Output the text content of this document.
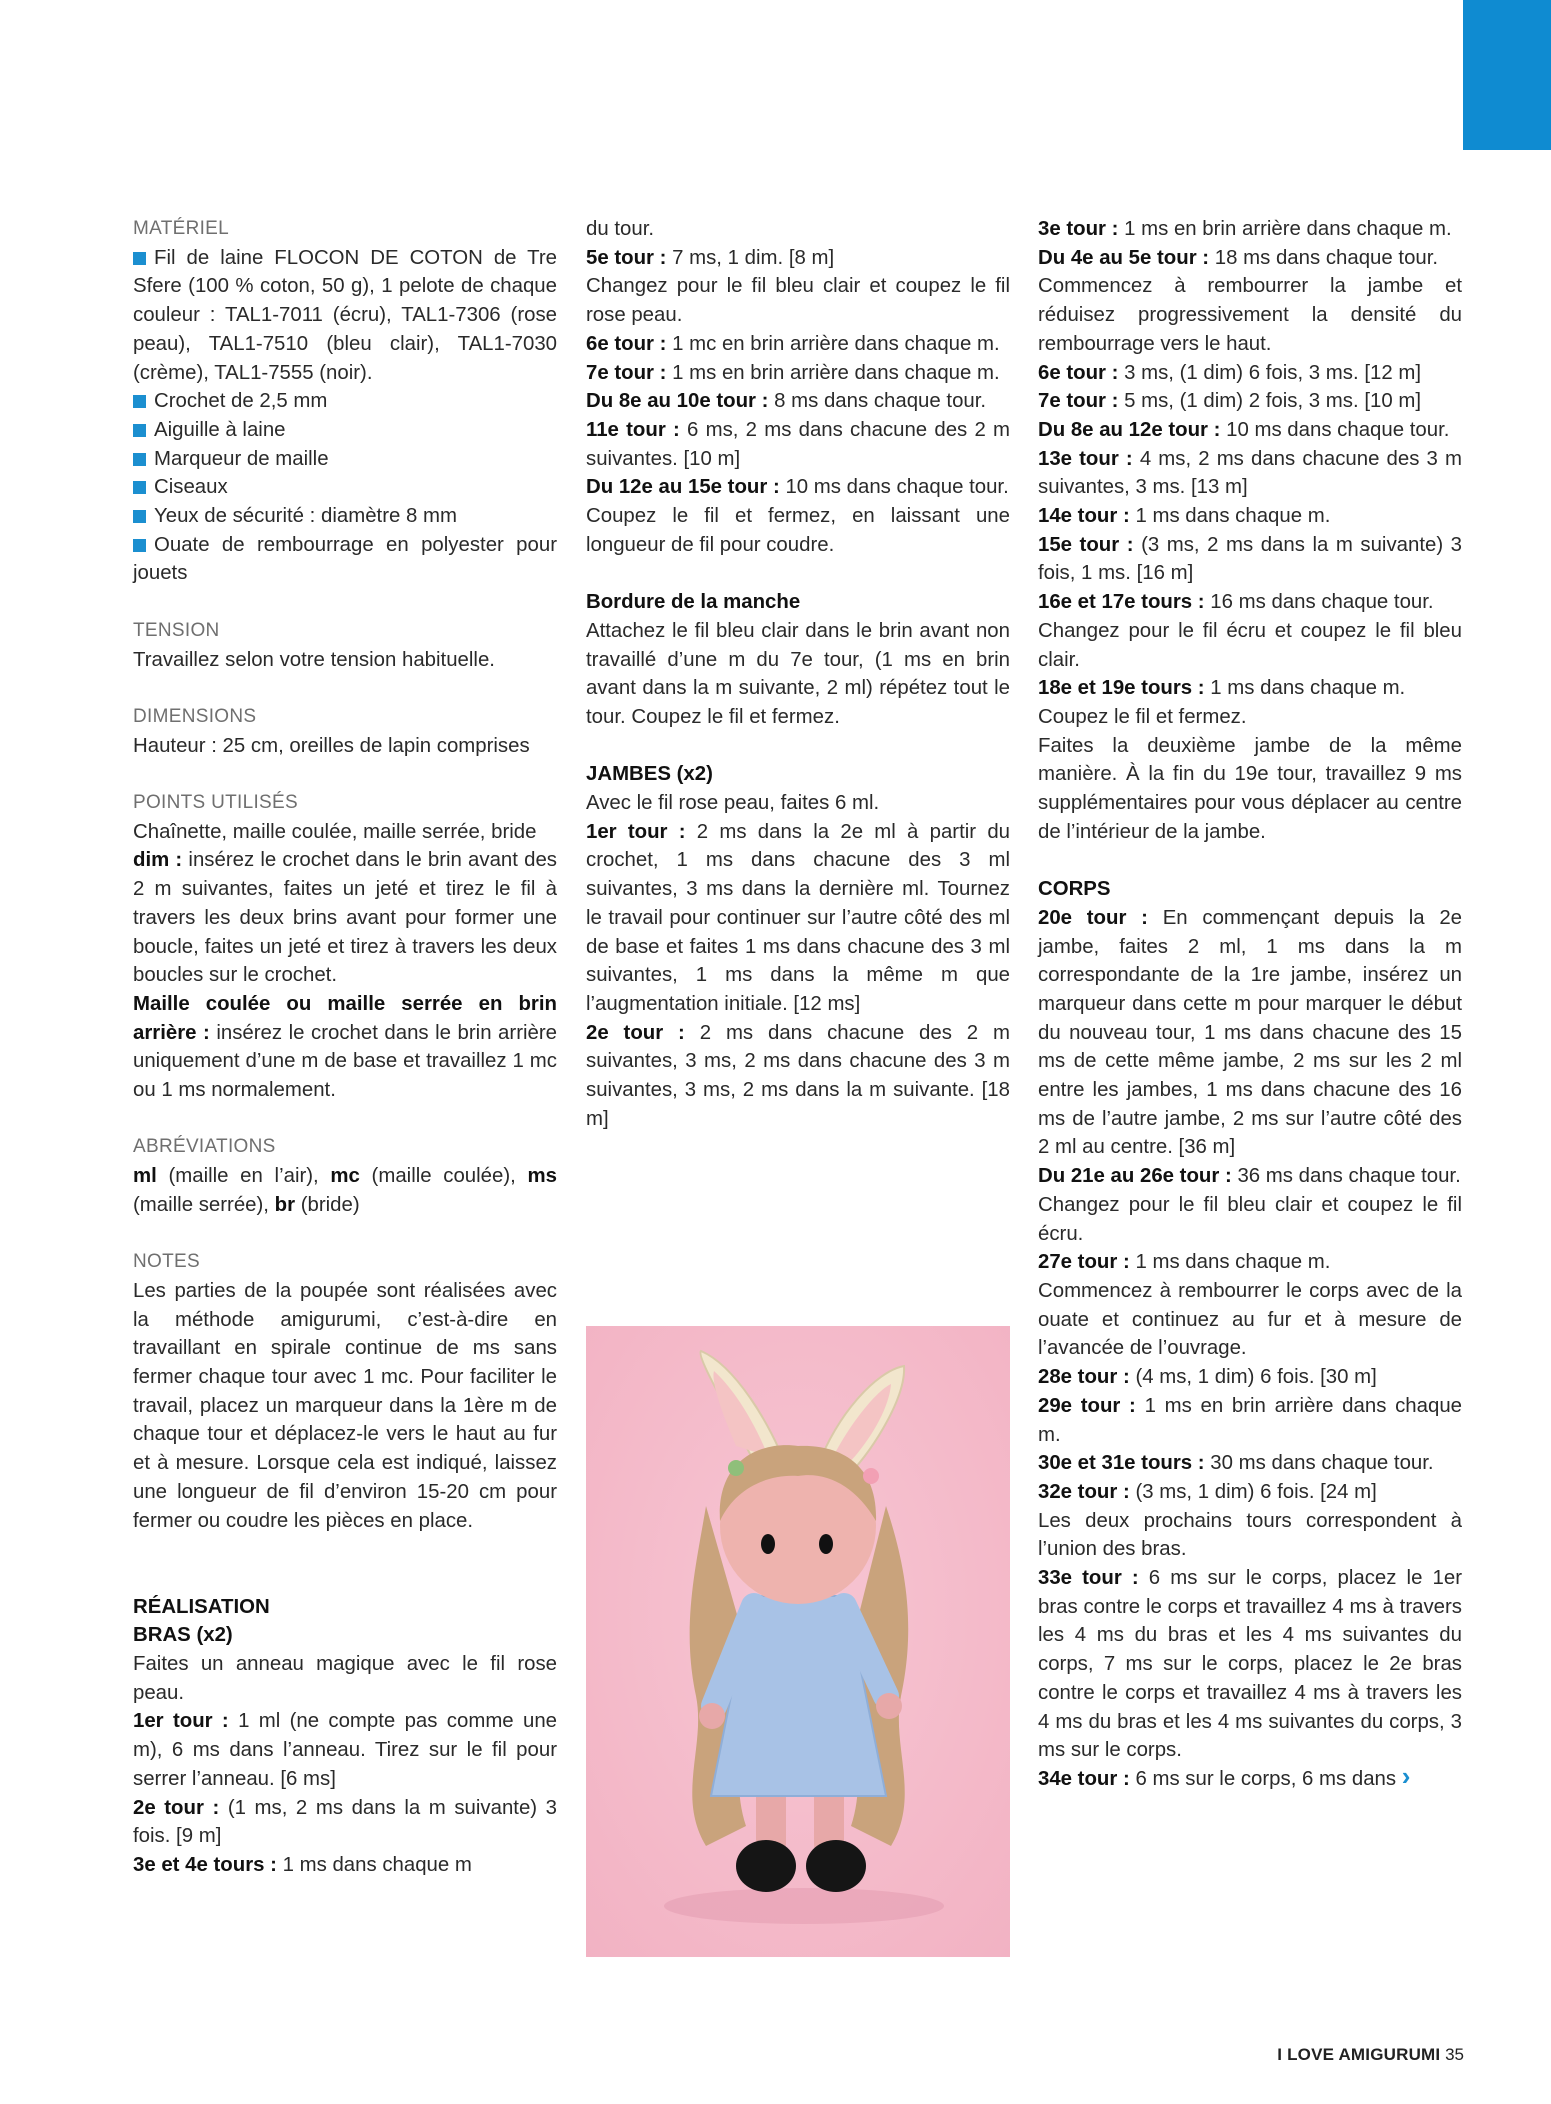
MATÉRIEL

Fil de laine FLOCON DE COTON de Tre Sfere (100 % coton, 50 g), 1 pelote de chaque couleur : TAL1-7011 (écru), TAL1-7306 (rose peau), TAL1-7510 (bleu clair), TAL1-7030 (crème), TAL1-7555 (noir).

Crochet de 2,5 mm

Aiguille à laine

Marqueur de maille

Ciseaux

Yeux de sécurité : diamètre 8 mm

Ouate de rembourrage en polyester pour jouets

TENSION

Travaillez selon votre tension habituelle.

DIMENSIONS

Hauteur : 25 cm, oreilles de lapin comprises

POINTS UTILISÉS

Chaînette, maille coulée, maille serrée, bride

dim : insérez le crochet dans le brin avant des 2 m suivantes, faites un jeté et tirez le fil à travers les deux brins avant pour former une boucle, faites un jeté et tirez à travers les deux boucles sur le crochet.

Maille coulée ou maille serrée en brin arrière : insérez le crochet dans le brin arrière uniquement d’une m de base et travaillez 1 mc ou 1 ms normalement.

ABRÉVIATIONS

ml (maille en l’air), mc (maille coulée), ms (maille serrée), br (bride)

NOTES

Les parties de la poupée sont réalisées avec la méthode amigurumi, c’est-à-dire en travaillant en spirale continue de ms sans fermer chaque tour avec 1 mc. Pour faciliter le travail, placez un marqueur dans la 1ère m de chaque tour et déplacez-le vers le haut au fur et à mesure. Lorsque cela est indiqué, laissez une longueur de fil d’environ 15-20 cm pour fermer ou coudre les pièces en place.

RÉALISATION

BRAS (x2)

Faites un anneau magique avec le fil rose peau.

1er tour : 1 ml (ne compte pas comme une m), 6 ms dans l’anneau. Tirez sur le fil pour serrer l’anneau. [6 ms]

2e tour : (1 ms, 2 ms dans la m suivante) 3 fois. [9 m]

3e et 4e tours : 1 ms dans chaque m

du tour.

5e tour : 7 ms, 1 dim. [8 m]

Changez pour le fil bleu clair et coupez le fil rose peau.

6e tour : 1 mc en brin arrière dans chaque m.

7e tour : 1 ms en brin arrière dans chaque m.

Du 8e au 10e tour : 8 ms dans chaque tour.

11e tour : 6 ms, 2 ms dans chacune des 2 m suivantes. [10 m]

Du 12e au 15e tour : 10 ms dans chaque tour.

Coupez le fil et fermez, en laissant une longueur de fil pour coudre.

Bordure de la manche

Attachez le fil bleu clair dans le brin avant non travaillé d’une m du 7e tour, (1 ms en brin avant dans la m suivante, 2 ml) répétez tout le tour. Coupez le fil et fermez.

JAMBES (x2)

Avec le fil rose peau, faites 6 ml.

1er tour : 2 ms dans la 2e ml à partir du crochet, 1 ms dans chacune des 3 ml suivantes, 3 ms dans la dernière ml. Tournez le travail pour continuer sur l’autre côté des ml de base et faites 1 ms dans chacune des 3 ml suivantes, 1 ms dans la même m que l’augmentation initiale. [12 ms]

2e tour : 2 ms dans chacune des 2 m suivantes, 3 ms, 2 ms dans chacune des 3 m suivantes, 3 ms, 2 ms dans la m suivante. [18 m]

3e tour : 1 ms en brin arrière dans chaque m.

Du 4e au 5e tour : 18 ms dans chaque tour.

Commencez à rembourrer la jambe et réduisez progressivement la densité du rembourrage vers le haut.

6e tour : 3 ms, (1 dim) 6 fois, 3 ms. [12 m]

7e tour : 5 ms, (1 dim) 2 fois, 3 ms. [10 m]

Du 8e au 12e tour : 10 ms dans chaque tour.

13e tour : 4 ms, 2 ms dans chacune des 3 m suivantes, 3 ms. [13 m]

14e tour : 1 ms dans chaque m.

15e tour : (3 ms, 2 ms dans la m suivante) 3 fois, 1 ms. [16 m]

16e et 17e tours : 16 ms dans chaque tour.

Changez pour le fil écru et coupez le fil bleu clair.

18e et 19e tours : 1 ms dans chaque m.

Coupez le fil et fermez.

Faites la deuxième jambe de la même manière. À la fin du 19e tour, travaillez 9 ms supplémentaires pour vous déplacer au centre de l’intérieur de la jambe.

CORPS

20e tour : En commençant depuis la 2e jambe, faites 2 ml, 1 ms dans la m correspondante de la 1re jambe, insérez un marqueur dans cette m pour marquer le début du nouveau tour, 1 ms dans chacune des 15 ms de cette même jambe, 2 ms sur les 2 ml entre les jambes, 1 ms dans chacune des 16 ms de l’autre jambe, 2 ms sur l’autre côté des 2 ml au centre. [36 m]

Du 21e au 26e tour : 36 ms dans chaque tour.

Changez pour le fil bleu clair et coupez le fil écru.

27e tour : 1 ms dans chaque m.

Commencez à rembourrer le corps avec de la ouate et continuez au fur et à mesure de l’avancée de l’ouvrage.

28e tour : (4 ms, 1 dim) 6 fois. [30 m]

29e tour : 1 ms en brin arrière dans chaque m.

30e et 31e tours : 30 ms dans chaque tour.

32e tour : (3 ms, 1 dim) 6 fois. [24 m]

Les deux prochains tours correspondent à l’union des bras.

33e tour : 6 ms sur le corps, placez le 1er bras contre le corps et travaillez 4 ms à travers les 4 ms du bras et les 4 ms suivantes du corps, 7 ms sur le corps, placez le 2e bras contre le corps et travaillez 4 ms à travers les 4 ms du bras et les 4 ms suivantes du corps, 3 ms sur le corps.

34e tour : 6 ms sur le corps, 6 ms dans ›

I LOVE AMIGURUMI 35
